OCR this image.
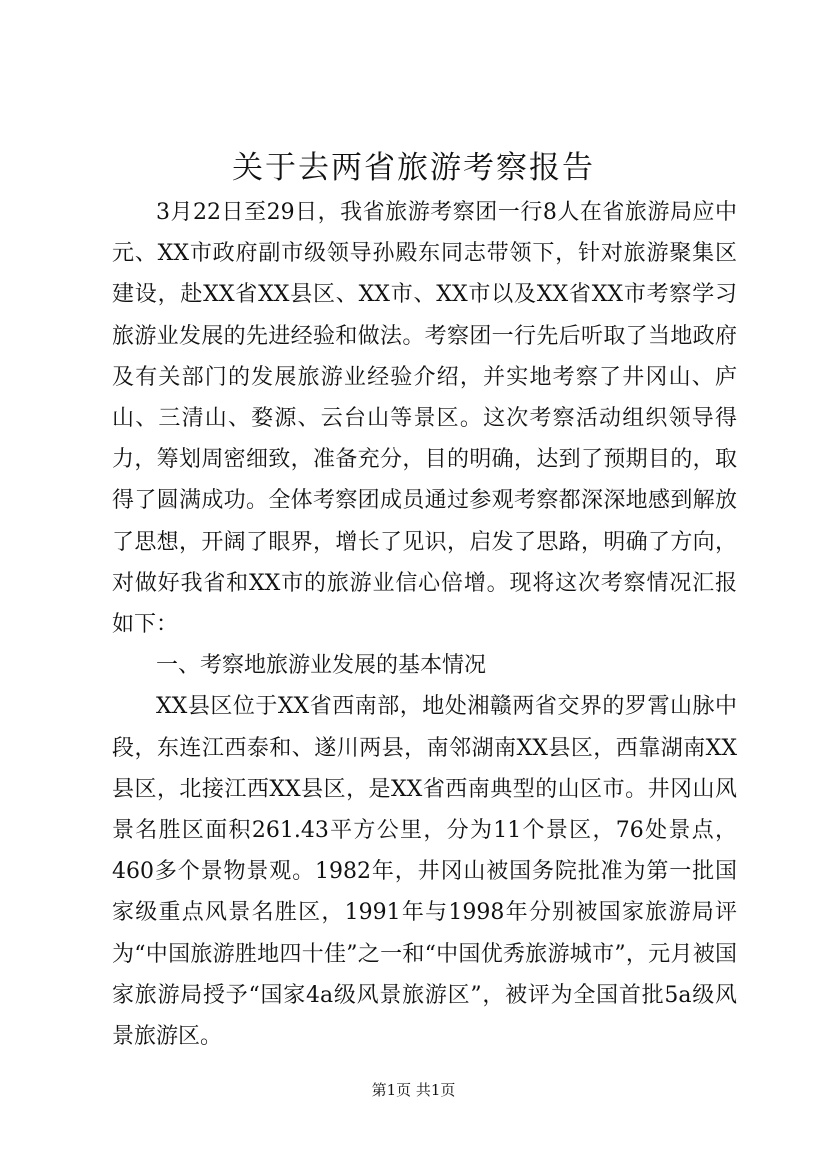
关于去两省旅游考察报告

3月22日至29日，我省旅游考察团一行8人在省旅游局应中元、XX市政府副市级领导孙殿东同志带领下，针对旅游聚集区建设，赴XX省XX县区、XX市、XX市以及XX省XX市考察学习旅游业发展的先进经验和做法。考察团一行先后听取了当地政府及有关部门的发展旅游业经验介绍，并实地考察了井冈山、庐山、三清山、婺源、云台山等景区。这次考察活动组织领导得力，筹划周密细致，准备充分，目的明确，达到了预期目的，取得了圆满成功。全体考察团成员通过参观考察都深深地感到解放了思想，开阔了眼界，增长了见识，启发了思路，明确了方向，对做好我省和XX市的旅游业信心倍增。现将这次考察情况汇报如下：

一、考察地旅游业发展的基本情况

XX县区位于XX省西南部，地处湘赣两省交界的罗霄山脉中段，东连江西泰和、遂川两县，南邻湖南XX县区，西靠湖南XX县区，北接江西XX县区，是XX省西南典型的山区市。井冈山风景名胜区面积261.43平方公里，分为11个景区，76处景点，460多个景物景观。1982年，井冈山被国务院批准为第一批国家级重点风景名胜区，1991年与1998年分别被国家旅游局评为“中国旅游胜地四十佳”之一和“中国优秀旅游城市”，元月被国家旅游局授予“国家4a级风景旅游区”，被评为全国首批5a级风景旅游区。

第1页 共1页
